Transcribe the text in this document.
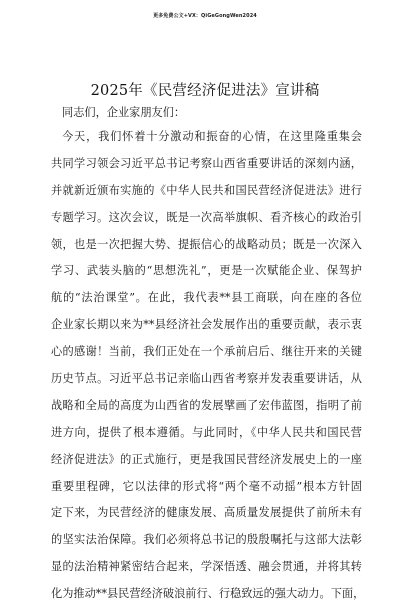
更多免费公文+VX：QiGeGongWen2024
2025年《民营经济促进法》宣讲稿

同志们，企业家朋友们：

今天，我们怀着十分激动和振奋的心情，在这里隆重集会
共同学习领会习近平总书记考察山西省重要讲话的深刻内涵，
并就新近颁布实施的《中华人民共和国民营经济促进法》进行
专题学习。这次会议，既是一次高举旗帜、看齐核心的政治引
领，也是一次把握大势、提振信心的战略动员；既是一次深入
学习、武装头脑的“思想洗礼”，更是一次赋能企业、保驾护
航的“法治课堂”。在此，我代表**县工商联，向在座的各位
企业家长期以来为**县经济社会发展作出的重要贡献，表示衷
心的感谢！当前，我们正处在一个承前启后、继往开来的关键
历史节点。习近平总书记亲临山西省考察并发表重要讲话，从
战略和全局的高度为山西省的发展擘画了宏伟蓝图，指明了前
进方向，提供了根本遵循。与此同时，《中华人民共和国民营
经济促进法》的正式施行，更是我国民营经济发展史上的一座
重要里程碑，它以法律的形式将“两个毫不动摇”根本方针固
定下来，为民营经济的健康发展、高质量发展提供了前所未有
的坚实法治保障。我们必须将总书记的殷殷嘱托与这部大法彰
显的法治精神紧密结合起来，学深悟透、融会贯通，并将其转
化为推动**县民营经济破浪前行、行稳致远的强大动力。下面，
